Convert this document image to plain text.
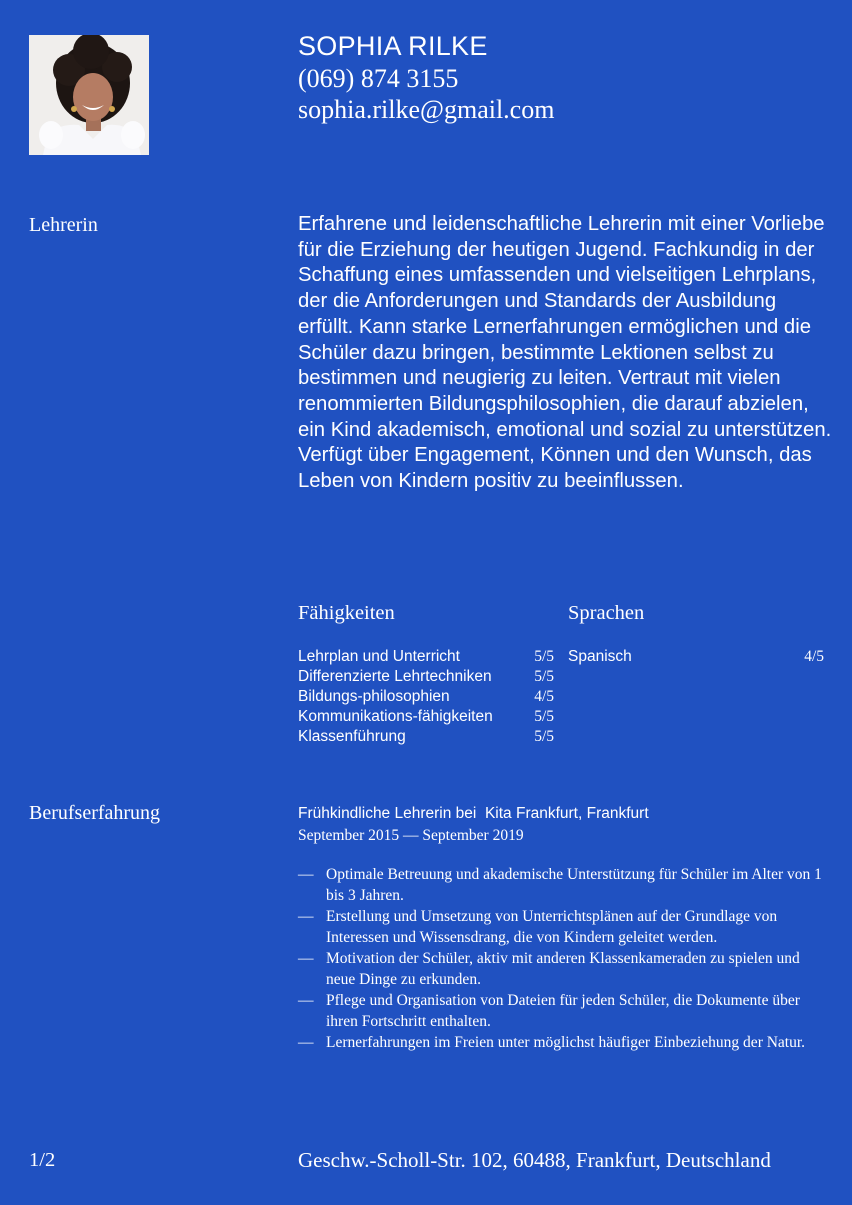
SOPHIA RILKE
(069) 874 3155
sophia.rilke@gmail.com
Lehrerin	Erfahrene und leidenschaftliche Lehrerin mit einer Vorliebe für die Erziehung der heutigen Jugend. Fachkundig in der Schaffung eines umfassenden und vielseitigen Lehrplans, der die Anforderungen und Standards der Ausbildung erfüllt. Kann starke Lernerfahrungen ermöglichen und die Schüler dazu bringen, bestimmte Lektionen selbst zu bestimmen und neugierig zu leiten. Vertraut mit vielen renommierten Bildungsphilosophien, die darauf abzielen, ein Kind akademisch, emotional und sozial zu unterstützen. Verfügt über Engagement, Können und den Wunsch, das Leben von Kindern positiv zu beeinflussen.
Fähigkeiten
Lehrplan und Unterricht	5/5
Differenzierte Lehrtechniken	5/5
Bildungs-philosophien	4/5
Kommunikations-fähigkeiten	5/5
Klassenführung	5/5
Sprachen
Spanisch	4/5
Berufserfahrung	Frühkindliche Lehrerin bei  Kita Frankfurt, Frankfurt
September 2015 — September 2019
— Optimale Betreuung und akademische Unterstützung für Schüler im Alter von 1 bis 3 Jahren.
— Erstellung und Umsetzung von Unterrichtsplänen auf der Grundlage von Interessen und Wissensdrang, die von Kindern geleitet werden.
— Motivation der Schüler, aktiv mit anderen Klassenkameraden zu spielen und neue Dinge zu erkunden.
— Pflege und Organisation von Dateien für jeden Schüler, die Dokumente über ihren Fortschritt enthalten.
— Lernerfahrungen im Freien unter möglichst häufiger Einbeziehung der Natur.
1/2	Geschw.-Scholl-Str. 102, 60488, Frankfurt, Deutschland
